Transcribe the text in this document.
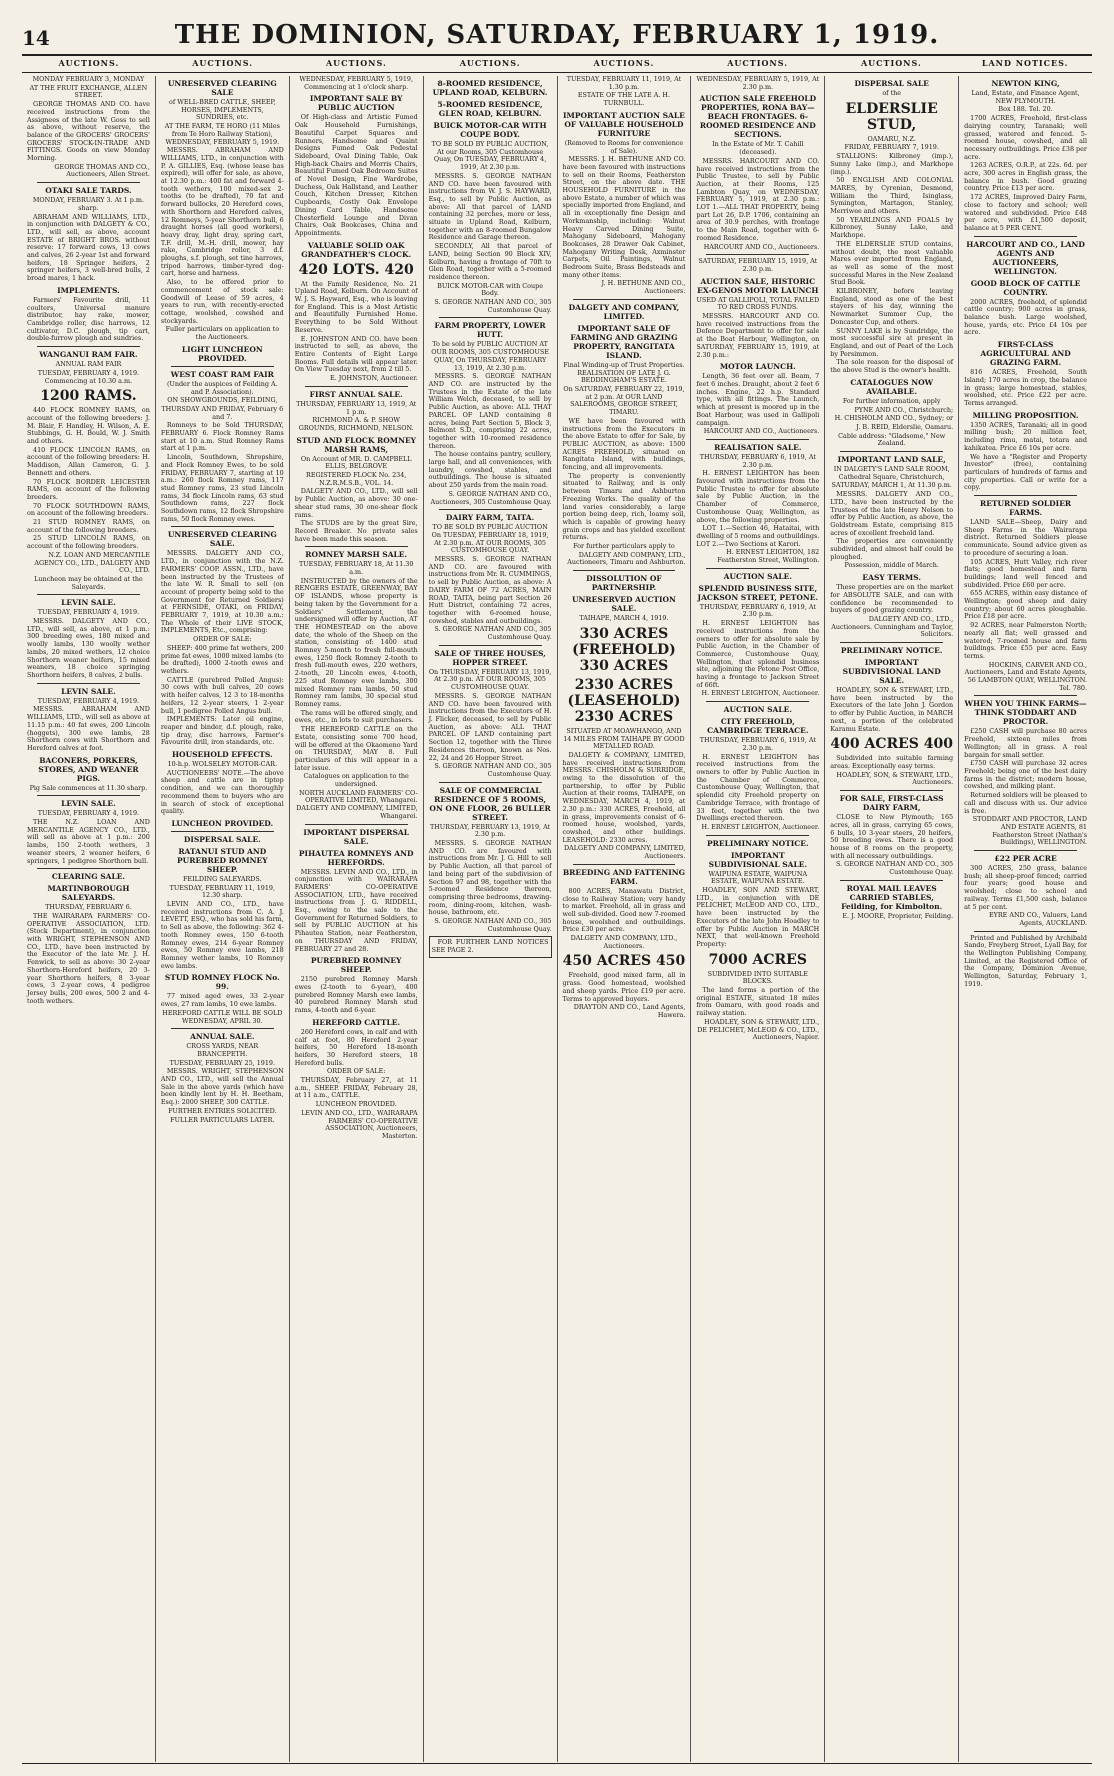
14	THE DOMINION, SATURDAY, FEBRUARY 1, 1919.
AUCTIONS.	AUCTIONS.	AUCTIONS.	AUCTIONS.	AUCTIONS.	AUCTIONS.	AUCTIONS.	LAND NOTICES.

MONDAY FEBRUARY 3, MONDAY

AT THE FRUIT EXCHANGE, ALLEN STREET.

GEORGE THOMAS AND CO. have received instructions from the Assignees of the late W. Goss to sell as above, without reserve, the balance of the GROCERS' GROCERS' GROCERS' STOCK-IN-TRADE AND FITTINGS. Goods on view Monday Morning.

GEORGE THOMAS AND CO., Auctioneers, Allen Street.

OTAKI SALE TARDS.

MONDAY, FEBRUARY 3. At 1 p.m. sharp.

ABRAHAM AND WILLIAMS, LTD., in conjunction with DALGETY & CO., LTD., will sell, as above, account ESTATE of BRIGHT BROS. without reserve: 17 forward cows, 13 cows and calves, 26 2-year 1st and forward heifers, 18 Springer heifers, 2 springer heifers, 3 well-bred bulls, 2 broad mares, 1 hack.

IMPLEMENTS.

Farmers' Favourite drill, 11 coulters, Universal manure distributor, hay rake, mower, Cambridge roller, disc harrows, 12 cultivator, D.C. plough, tip cart, double-furrow plough and sundries.

WANGANUI RAM FAIR.

ANNUAL RAM FAIR

TUESDAY, FEBRUARY 4, 1919. Commencing at 10.30 a.m.

1200 RAMS.

440 FLOCK ROMNEY RAMS, on account of the following breeders: J. M. Blair, F. Handley, H. Wilson, A. E. Stubbings, G. H. Bould, W. J. Smith and others.

410 FLOCK LINCOLN RAMS, on account of the following breeders: H. Maddison, Allan Cameron, G. J. Bennett and others.

70 FLOCK BORDER LEICESTER RAMS, on account of the following breeders.

70 FLOCK SOUTHDOWN RAMS, on account of the following breeders.

21 STUD ROMNEY RAMS, on account of the following breeders.

25 STUD LINCOLN RAMS, on account of the following breeders.

N.Z. LOAN AND MERCANTILE AGENCY CO., LTD., DALGETY AND CO., LTD.

Luncheon may be obtained at the Saleyards.

LEVIN SALE.

TUESDAY, FEBRUARY 4, 1919.

MESSRS. DALGETY AND CO., LTD., will sell, as above, at 1 p.m.: 300 breeding ewes, 180 mixed and woolly lambs, 130 woolly wether lambs, 20 mixed wethers, 12 choice Shorthorn weaner heifers, 15 mixed weaners, 18 choice springing Shorthorn heifers, 8 calves, 2 bulls.

LEVIN SALE.

TUESDAY, FEBRUARY 4, 1919.

MESSRS. ABRAHAM AND WILLIAMS, LTD., will sell as above at 11.15 p.m.: 40 fat ewes, 200 Lincoln (hoggets), 300 ewe lambs, 28 Shorthorn cows with Shorthorn and Hereford calves at foot.

BACONERS, PORKERS, STORES, AND WEANER PIGS.

Pig Sale commences at 11.30 sharp.

LEVIN SALE.

TUESDAY, FEBRUARY 4, 1919.

THE N.Z. LOAN AND MERCANTILE AGENCY CO., LTD., will sell as above at 1 p.m.: 200 lambs, 150 2-tooth wethers, 3 weaner steers, 2 weaner heifers, 6 springers, 1 pedigree Shorthorn bull.

CLEARING SALE.

MARTINBOROUGH SALEYARDS.

THURSDAY, FEBRUARY 6.

THE WAIRARAPA FARMERS' CO-OPERATIVE ASSOCIATION, LTD. (Stock Department), in conjunction with WRIGHT, STEPHENSON AND CO., LTD., have been instructed by the Executor of the late Mr. J. H. Fenwick, to sell as above: 30 2-year Shorthorn-Hereford heifers, 20 3-year Shorthorn heifers, 8 3-year cows, 3 2-year cows, 4 pedigree Jersey bulls, 200 ewes, 500 2 and 4-tooth wethers.

UNRESERVED CLEARING SALE

of WELL-BRED CATTLE, SHEEP, HORSES, IMPLEMENTS, SUNDRIES, etc.

AT THE FARM, TE HORO (11 Miles from Te Horo Railway Station), WEDNESDAY, FEBRUARY 5, 1919.

MESSRS. ABRAHAM AND WILLIAMS, LTD., in conjunction with P. A. GILLIES, Esq. (whose lease has expired), will offer for sale, as above, at 12.30 p.m.: 400 fat and forward 4-tooth wethers, 100 mixed-sex 2-tooths (to be drafted), 70 fat and forward bullocks, 20 Hereford cows, with Shorthorn and Hereford calves, 12 Romneys, 5-year Shorthorn bull, 6 draught horses (all good workers), heavy dray, light dray, spring cart, T.F. drill, M.-H. drill, mower, hay rake, Cambridge roller, 3 d.f. ploughs, s.f. plough, set tine harrows, tripod harrows, timber-tyred dog-cart, horse and harness.

Also, to be offered prior to commencement of stock sale: Goodwill of Lease of 59 acres, 4 years to run, with recently-erected cottage, woolshed, cowshed and stockyards.

Fuller particulars on application to the Auctioneers.

LIGHT LUNCHEON PROVIDED.

WEST COAST RAM FAIR

(Under the auspices of Feilding A. and P. Association).

ON SHOWGROUNDS, FEILDING,

THURSDAY AND FRIDAY, February 6 and 7.

Romneys to be Sold THURSDAY, FEBRUARY 6. Flock Romney Rams start at 10 a.m. Stud Romney Rams start at 1 p.m.

Lincoln, Southdown, Shropshire, and Flock Romney Ewes, to be sold FRIDAY, FEBRUARY 7, starting at 10 a.m.: 260 flock Romney rams, 117 stud Romney rams, 23 stud Lincoln rams, 34 flock Lincoln rams, 63 stud Southdown rams, 227 flock Southdown rams, 12 flock Shropshire rams, 50 flock Romney ewes.

UNRESERVED CLEARING SALE.

MESSRS. DALGETY AND CO., LTD., in conjunction with the N.Z. FARMERS' COOP. ASSN., LTD., have been instructed by the Trustees of the late W. R. Small to sell (on account of property being sold to the Government for Returned Soldiers) at FERNSIDE, OTAKI, on FRIDAY, FEBRUARY 7, 1919, at 10.30 a.m.: The Whole of their LIVE STOCK, IMPLEMENTS, Etc., comprising:

ORDER OF SALE:

SHEEP: 400 prime fat wethers, 200 prime fat ewes, 1000 mixed lambs (to be drafted), 1000 2-tooth ewes and wethers.

CATTLE (purebred Polled Angus): 30 cows with bull calves, 20 cows with heifer calves, 12 3 to 18-months heifers, 12 2-year steers, 1 2-year bull, 1 pedigree Polled Angus bull.

IMPLEMENTS: Later oil engine, reaper and binder, d.f. plough, rake, tip dray, disc harrows, Farmer's Favourite drill, iron standards, etc.

HOUSEHOLD EFFECTS.

10-h.p. WOLSELEY MOTOR-CAR.

AUCTIONEERS' NOTE.—The above sheep and cattle are in tiptop condition, and we can thoroughly recommend them to buyers who are in search of stock of exceptional quality.

LUNCHEON PROVIDED.

DISPERSAL SALE.

RATANUI STUD AND PUREBRED ROMNEY SHEEP.

FEILDING SALEYARDS.

TUESDAY, FEBRUARY 11, 1919, 12.30 sharp.

LEVIN AND CO., LTD., have received instructions from C. A. J. LEVETT, ESQ., who has sold his farm, to Sell as above, the following: 362 4-tooth Romney ewes, 150 6-tooth Romney ewes, 214 6-year Romney ewes, 50 Romney ewe lambs, 218 Romney wether lambs, 10 Romney ewe lambs.

STUD ROMNEY FLOCK No. 99.

77 mixed aged ewes, 33 2-year ewes, 27 ram lambs, 10 ewe lambs.

HEREFORD CATTLE WILL BE SOLD WEDNESDAY, APRIL 30.

ANNUAL SALE.

CROSS YARDS, NEAR BRANCEPETH.

TUESDAY, FEBRUARY 25, 1919.

MESSRS. WRIGHT, STEPHENSON AND CO., LTD., will sell the Annual Sale in the above yards (which have been kindly lent by H. H. Beetham, Esq.): 2000 SHEEP, 300 CATTLE.

FURTHER ENTRIES SOLICITED.

FULLER PARTICULARS LATER.

WEDNESDAY, FEBRUARY 5, 1919, Commencing at 1 o'clock sharp.

IMPORTANT SALE BY PUBLIC AUCTION

Of High-class and Artistic Fumed Oak Household Furnishings, Beautiful Carpet Squares and Runners, Handsome and Quaint Designs Fumed Oak Pedestal Sideboard, Oval Dining Table, Oak High-back Chairs and Morris Chairs, Beautiful Fumed Oak Bedroom Suites of Novel Design, Fine Wardrobe, Duchess, Oak Hallstand, and Leather Couch, Kitchen Dresser, Kitchen Cupboards, Costly Oak Envelope Dining Card Table, Handsome Chesterfield Lounge and Divan Chairs, Oak Bookcases, China and Appointments.

VALUABLE SOLID OAK GRANDFATHER'S CLOCK.

420 LOTS. 420

At the Family Residence, No. 21 Upland Road, Kelburn. On Account of W. J. S. Hayward, Esq., who is leaving for England. This is a Most Artistic and Beautifully Furnished Home. Everything to be Sold Without Reserve.

E. JOHNSTON AND CO. have been instructed to sell, as above, the Entire Contents of Eight Large Rooms. Full details will appear later. On View Tuesday next, from 2 till 5.

E. JOHNSTON, Auctioneer.

FIRST ANNUAL SALE.

THURSDAY, FEBRUARY 13, 1919, At 1 p.m.

RICHMOND A. & P. SHOW GROUNDS, RICHMOND, NELSON.

STUD AND FLOCK ROMNEY MARSH RAMS,

On Account of MR. D. CAMPBELL ELLIS, BELGROVE

REGISTERED FLOCK No. 234, N.Z.R.M.S.B., VOL. 14.

DALGETY AND CO., LTD., will sell by Public Auction, as above: 30 one-shear stud rams, 30 one-shear flock rams.

The STUDS are by the great Sire, Record Breaker. No private sales have been made this season.

ROMNEY MARSH SALE.

TUESDAY, FEBRUARY 18, At 11.30 a.m.

INSTRUCTED by the owners of the RENGERS ESTATE, GREENWAY, BAY OF ISLANDS, whose property is being taken by the Government for a Soldiers' Settlement, the undersigned will offer by Auction, AT THE HOMESTEAD on the above date, the whole of the Sheep on the station, consisting of: 1400 stud Romney 5-month to fresh full-mouth ewes, 1250 flock Romney 2-tooth to fresh full-mouth ewes, 220 wethers, 2-tooth, 20 Lincoln ewes, 4-tooth, 225 stud Romney ewe lambs, 300 mixed Romney ram lambs, 50 stud Romney ram lambs, 30 special stud Romney rams.

The rams will be offered singly, and ewes, etc., in lots to suit purchasers.

THE HEREFORD CATTLE on the Estate, consisting some 700 head, will be offered at the Okaomeno Yard on THURSDAY, MAY 8. Full particulars of this will appear in a later issue.

Catalogues on application to the undersigned.

NORTH AUCKLAND FARMERS' CO-OPERATIVE LIMITED, Whangarei. DALGETY AND COMPANY, LIMITED, Whangarei.

IMPORTANT DISPERSAL SALE.

PIHAUTEA ROMNEYS AND HEREFORDS.

MESSRS. LEVIN AND CO., LTD., in conjunction with WAIRARAPA FARMERS' CO-OPERATIVE ASSOCIATION, LTD., have received instructions from J. G. RIDDELL, Esq., owing to the sale to the Government for Returned Soldiers, to sell by PUBLIC AUCTION at his Pihautea Station, near Featherston, on THURSDAY AND FRIDAY, FEBRUARY 27 and 28.

PUREBRED ROMNEY SHEEP.

2150 purebred Romney Marsh ewes (2-tooth to 6-year), 400 purebred Romney Marsh ewe lambs, 40 purebred Romney Marsh stud rams, 4-tooth and 6-year.

HEREFORD CATTLE.

260 Hereford cows, in calf and with calf at foot, 80 Hereford 2-year heifers, 50 Hereford 18-month heifers, 30 Hereford steers, 18 Hereford bulls.

ORDER OF SALE:

THURSDAY, February 27, at 11 a.m., SHEEP. FRIDAY, February 28, at 11 a.m., CATTLE.

LUNCHEON PROVIDED.

LEVIN AND CO., LTD., WAIRARAPA FARMERS' CO-OPERATIVE ASSOCIATION, Auctioneers, Masterton.

8-ROOMED RESIDENCE, UPLAND ROAD, KELBURN.

5-ROOMED RESIDENCE, GLEN ROAD, KELBURN.

BUICK MOTOR-CAR WITH COUPE BODY.

TO BE SOLD BY PUBLIC AUCTION, At our Rooms, 305 Customhouse Quay, On TUESDAY, FEBRUARY 4, 1919, At 2.30 p.m.

MESSRS. S. GEORGE NATHAN AND CO. have been favoured with instructions from W. J. S. HAYWARD, Esq., to sell by Public Auction, as above: All that parcel of LAND containing 32 perches, more or less, situate in Upland Road, Kelburn, together with an 8-roomed Bungalow Residence and Garage thereon.

SECONDLY, All that parcel of LAND, being Section 90 Block XIV, Kelburn, having a frontage of 70ft to Glen Road, together with a 5-roomed residence thereon.

BUICK MOTOR-CAR with Coupe Body.

S. GEORGE NATHAN AND CO., 305 Customhouse Quay.

FARM PROPERTY, LOWER HUTT.

To be sold by PUBLIC AUCTION AT OUR ROOMS, 305 CUSTOMHOUSE QUAY, On THURSDAY, FEBRUARY 13, 1919, At 2.30 p.m.

MESSRS. S. GEORGE NATHAN AND CO. are instructed by the Trustees in the Estate of the late William Welch, deceased, to sell by Public Auction, as above: ALL THAT PARCEL OF LAND containing 8 acres, being Part Section 5, Block 3, Belmont S.D., comprising 22 acres, together with 10-roomed residence thereon.

The house contains pantry, scullery, large hall, and all conveniences, with laundry, cowshed, stables, and outbuildings. The house is situated about 250 yards from the main road.

S. GEORGE NATHAN AND CO., Auctioneers, 305 Customhouse Quay.

DAIRY FARM, TAITA.

TO BE SOLD BY PUBLIC AUCTION On TUESDAY, FEBRUARY 18, 1919, At 2.30 p.m. AT OUR ROOMS, 305 CUSTOMHOUSE QUAY.

MESSRS. S. GEORGE NATHAN AND CO. are favoured with instructions from Mr. R. CUMMINGS, to sell by Public Auction, as above: A DAIRY FARM OF 72 ACRES, MAIN ROAD, TAITA, being part Section 26 Hutt District, containing 72 acres, together with 6-roomed house, cowshed, stables and outbuildings.

S. GEORGE NATHAN AND CO., 305 Customhouse Quay.

SALE OF THREE HOUSES, HOPPER STREET.

On THURSDAY, FEBRUARY 13, 1919, At 2.30 p.m. AT OUR ROOMS, 305 CUSTOMHOUSE QUAY.

MESSRS. S. GEORGE NATHAN AND CO. have been favoured with instructions from the Executors of H. J. Flicker, deceased, to sell by Public Auction, as above: ALL THAT PARCEL OF LAND containing part Section 12, together with the Three Residences thereon, known as Nos. 22, 24 and 26 Hopper Street.

S. GEORGE NATHAN AND CO., 305 Customhouse Quay.

SALE OF COMMERCIAL RESIDENCE OF 5 ROOMS, ON ONE FLOOR, 26 BULLER STREET.

THURSDAY, FEBRUARY 13, 1919, At 2.30 p.m.

MESSRS. S. GEORGE NATHAN AND CO. are favoured with instructions from Mr. J. G. Hill to sell by Public Auction, all that parcel of land being part of the subdivision of Section 97 and 98, together with the 5-roomed Residence thereon, comprising three bedrooms, drawing-room, dining-room, kitchen, wash-house, bathroom, etc.

S. GEORGE NATHAN AND CO., 305 Customhouse Quay.

FOR FURTHER LAND NOTICES SEE PAGE 2.

TUESDAY, FEBRUARY 11, 1919, At 1.30 p.m.

ESTATE OF THE LATE A. H. TURNBULL.

IMPORTANT AUCTION SALE OF VALUABLE HOUSEHOLD FURNITURE

(Removed to Rooms for convenience of Sale).

MESSRS. J. H. BETHUNE AND CO. have been favoured with instructions to sell on their Rooms, Featherston Street, on the above date. THE HOUSEHOLD FURNITURE in the above Estate, a number of which was specially imported from England, and all in exceptionally fine Design and Workmanship, including: Walnut Heavy Carved Dining Suite, Mahogany Sideboard, Mahogany Bookcases, 28 Drawer Oak Cabinet, Mahogany Writing Desk, Axminster Carpets, Oil Paintings, Walnut Bedroom Suite, Brass Bedsteads and many other items.

J. H. BETHUNE AND CO., Auctioneers.

DALGETY AND COMPANY, LIMITED.

IMPORTANT SALE OF FARMING AND GRAZING PROPERTY, RANGITATA ISLAND.

Final Winding-up of Trust Properties. REALISATION OF LATE J. G. BEDDINGHAM'S ESTATE.

On SATURDAY, FEBRUARY 22, 1919, at 2 p.m. At OUR LAND SALEROOMS, GEORGE STREET, TIMARU.

WE have been favoured with instructions from the Executors in the above Estate to offer for Sale, by PUBLIC AUCTION, as above: 1500 ACRES FREEHOLD, situated on Rangitata Island, with buildings, fencing, and all improvements.

The property is conveniently situated to Railway, and is only between Timaru and Ashburton Freezing Works. The quality of the land varies considerably, a large portion being deep, rich, loamy soil, which is capable of growing heavy grain crops and has yielded excellent returns.

For further particulars apply to

DALGETY AND COMPANY, LTD., Auctioneers, Timaru and Ashburton.

DISSOLUTION OF PARTNERSHIP.

UNRESERVED AUCTION SALE.

TAIHAPE, MARCH 4, 1919.

330 ACRES (FREEHOLD) 330 ACRES

2330 ACRES (LEASEHOLD) 2330 ACRES

SITUATED AT MOAWHANGO, AND 14 MILES FROM TAIHAPE BY GOOD METALLED ROAD.

DALGETY & COMPANY, LIMITED, have received instructions from MESSRS. CHISHOLM & SURRIDGE, owing to the dissolution of the partnership, to offer by Public Auction at their rooms, TAIHAPE, on WEDNESDAY, MARCH 4, 1919, at 2.30 p.m.: 330 ACRES, Freehold, all in grass, improvements consist of 6-roomed house, woolshed, yards, cowshed, and other buildings. LEASEHOLD: 2330 acres.

DALGETY AND COMPANY, LIMITED, Auctioneers.

BREEDING AND FATTENING FARM.

800 ACRES, Manawatu District, close to Railway Station; very handy to market. Freehold, all in grass and well sub-divided. Good new 7-roomed house, woolshed and outbuildings. Price £30 per acre.

DALGETY AND COMPANY, LTD., Auctioneers.

450 ACRES 450

Freehold, good mixed farm, all in grass. Good homestead, woolshed and sheep yards. Price £19 per acre. Terms to approved buyers.

DRAYTON AND CO., Land Agents, Hawera.

WEDNESDAY, FEBRUARY 5, 1919, At 2.30 p.m.

AUCTION SALE FREEHOLD PROPERTIES, RONA BAY—BEACH FRONTAGES. 6-ROOMED RESIDENCE AND SECTIONS.

In the Estate of Mr. T. Cahill (deceased).

MESSRS. HARCOURT AND CO. have received instructions from the Public Trustee, to sell by Public Auction, at their Rooms, 125 Lambton Quay, on WEDNESDAY, FEBRUARY 5, 1919, at 2.30 p.m.: LOT 1.—ALL THAT PROPERTY, being part Lot 26, D.P. 1706, containing an area of 30.9 perches, with frontage to the Main Road, together with 6-roomed Residence.

HARCOURT AND CO., Auctioneers.

SATURDAY, FEBRUARY 15, 1919, At 2.30 p.m.

AUCTION SALE, HISTORIC EX-GENOS MOTOR LAUNCH

USED AT GALLIPOLI, TOTAL FAILED TO RED CROSS FUNDS.

MESSRS. HARCOURT AND CO. have received instructions from the Defence Department to offer for sale at the Boat Harbour, Wellington, on SATURDAY, FEBRUARY 15, 1919, at 2.30 p.m.:

MOTOR LAUNCH.

Length, 36 feet over all. Beam, 7 feet 6 inches. Draught, about 2 feet 6 inches. Engine, 22 h.p. Standard type, with all fittings. The Launch, which at present is moored up in the Boat Harbour, was used in Gallipoli campaign.

HARCOURT AND CO., Auctioneers.

REALISATION SALE.

THURSDAY, FEBRUARY 6, 1919, At 2.30 p.m.

H. ERNEST LEIGHTON has been favoured with instructions from the Public Trustee to offer for absolute sale by Public Auction, in the Chamber of Commerce, Customhouse Quay, Wellington, as above, the following properties.

LOT 1.—Section 46, Hataitai, with dwelling of 5 rooms and outbuildings. LOT 2.—Two Sections at Karori.

H. ERNEST LEIGHTON, 182 Featherston Street, Wellington.

AUCTION SALE.

SPLENDID BUSINESS SITE, JACKSON STREET, PETONE.

THURSDAY, FEBRUARY 6, 1919, At 2.30 p.m.

H. ERNEST LEIGHTON has received instructions from the owners to offer for absolute sale by Public Auction, in the Chamber of Commerce, Customhouse Quay, Wellington, that splendid business site, adjoining the Petone Post Office, having a frontage to Jackson Street of 66ft.

H. ERNEST LEIGHTON, Auctioneer.

AUCTION SALE.

CITY FREEHOLD, CAMBRIDGE TERRACE.

THURSDAY, FEBRUARY 6, 1919, At 2.30 p.m.

H. ERNEST LEIGHTON has received instructions from the owners to offer by Public Auction in the Chamber of Commerce, Customhouse Quay, Wellington, that splendid city Freehold property on Cambridge Terrace, with frontage of 33 feet, together with the two Dwellings erected thereon.

H. ERNEST LEIGHTON, Auctioneer.

PRELIMINARY NOTICE.

IMPORTANT SUBDIVISIONAL SALE.

WAIPUNA ESTATE, WAIPUNA ESTATE, WAIPUNA ESTATE.

HOADLEY, SON AND STEWART, LTD., in conjunction with DE PELICHET, McLEOD AND CO., LTD., have been instructed by the Executors of the late John Hoadley to offer by Public Auction in MARCH NEXT, that well-known Freehold Property:

7000 ACRES

SUBDIVIDED INTO SUITABLE BLOCKS.

The land forms a portion of the original ESTATE, situated 18 miles from Oamaru, with good roads and railway station.

HOADLEY, SON & STEWART, LTD., DE PELICHET, McLEOD & CO., LTD., Auctioneers, Napier.

DISPERSAL SALE

of the

ELDERSLIE STUD,

OAMARU, N.Z.

FRIDAY, FEBRUARY 7, 1919.

STALLIONS: Kilbroney (imp.), Sunny Lake (imp.), and Markhope (imp.).

50 ENGLISH AND COLONIAL MARES, by Cyrenian, Desmond, William the Third, Isinglass, Symington, Martagon, Stanley, Merriwee and others.

50 YEARLINGS AND FOALS by Kilbroney, Sunny Lake, and Markhope.

THE ELDERSLIE STUD contains, without doubt, the most valuable Mares ever imported from England, as well as some of the most successful Mares in the New Zealand Stud Book.

KILBRONEY, before leaving England, stood as one of the best stayers of his day, winning the Newmarket Summer Cup, the Doncaster Cup, and others.

SUNNY LAKE is by Sundridge, the most successful sire at present in England, and out of Pearl of the Loch by Persimmon.

The sole reason for the disposal of the above Stud is the owner's health.

CATALOGUES NOW AVAILABLE.

For further information, apply

PYNE AND CO., Christchurch;

H. CHISHOLM AND CO., Sydney; or

J. B. REID, Elderslie, Oamaru.

Cable address: "Gladsome," New Zealand.

IMPORTANT LAND SALE,

IN DALGETY'S LAND SALE ROOM, Cathedral Square, Christchurch,

SATURDAY, MARCH 1, At 11.30 p.m.

MESSRS. DALGETY AND CO., LTD., have been instructed by the Trustees of the late Henry Nelson to offer by Public Auction, as above, the Goldstream Estate, comprising 815 acres of excellent freehold land.

The properties are conveniently subdivided, and almost half could be ploughed.

Possession, middle of March.

EASY TERMS.

These properties are on the market for ABSOLUTE SALE, and can with confidence be recommended to buyers of good grazing country.

DALGETY AND CO., LTD., Auctioneers. Cunningham and Taylor, Solicitors.

PRELIMINARY NOTICE.

IMPORTANT SUBDIVISIONAL LAND SALE.

HOADLEY, SON & STEWART, LTD., have been instructed by the Executors of the late John J. Gordon to offer by Public Auction, in MARCH next, a portion of the celebrated Karamu Estate.

400 ACRES 400

Subdivided into suitable farming areas. Exceptionally easy terms.

HOADLEY, SON, & STEWART, LTD., Auctioneers.

FOR SALE, FIRST-CLASS DAIRY FARM,

CLOSE to New Plymouth; 165 acres, all in grass, carrying 65 cows, 6 bulls, 10 3-year steers, 20 heifers, 50 breeding ewes. There is a good house of 8 rooms on the property, with all necessary outbuildings.

S. GEORGE NATHAN AND CO., 305 Customhouse Quay.

ROYAL MAIL LEAVES CARRIED STABLES, Feilding, for Kimbolton.

E. J. MOORE, Proprietor, Feilding.

NEWTON KING,

Land, Estate, and Finance Agent, NEW PLYMOUTH.

Box 188. Tel. 20.

1700 ACRES, Freehold, first-class dairying country, Taranaki; well grassed, watered and fenced. 5-roomed house, cowshed, and all necessary outbuildings. Price £38 per acre.

1263 ACRES, O.R.P., at 22s. 6d. per acre, 300 acres in English grass, the balance in bush. Good grazing country. Price £13 per acre.

172 ACRES, Improved Dairy Farm, close to factory and school; well watered and subdivided. Price £48 per acre, with £1,500 deposit, balance at 5 PER CENT.

HARCOURT AND CO., LAND AGENTS AND AUCTIONEERS, WELLINGTON.

GOOD BLOCK OF CATTLE COUNTRY.

2000 ACRES, freehold, of splendid cattle country; 900 acres in grass, balance bush. Large woolshed, house, yards, etc. Price £4 10s per acre.

FIRST-CLASS AGRICULTURAL AND GRAZING FARM.

816 ACRES, Freehold, South Island; 170 acres in crop, the balance in grass; large homestead, stables, woolshed, etc. Price £22 per acre. Terms arranged.

MILLING PROPOSITION.

1350 ACRES, Taranaki; all in good milling bush; 20 million feet, including rimu, matai, totara and kahikatea. Price £6 10s per acre.

We have a "Register and Property Investor" (free), containing particulars of hundreds of farms and city properties. Call or write for a copy.

RETURNED SOLDIER FARMS.

LAND SALE—Sheep, Dairy and Sheep Farms in the Wairarapa district. Returned Soldiers please communicate. Sound advice given as to procedure of securing a loan.

105 ACRES, Hutt Valley, rich river flats; good homestead and farm buildings; land well fenced and subdivided. Price £60 per acre.

655 ACRES, within easy distance of Wellington; good sheep and dairy country; about 60 acres ploughable. Price £18 per acre.

92 ACRES, near Palmerston North; nearly all flat; well grassed and watered; 7-roomed house and farm buildings. Price £55 per acre. Easy terms.

HOCKINS, CARVER AND CO., Auctioneers, Land and Estate Agents, 56 LAMBTON QUAY, WELLINGTON. Tel. 780.

WHEN YOU THINK FARMS—THINK STODDART AND PROCTOR.

£250 CASH will purchase 80 acres Freehold, sixteen miles from Wellington; all in grass. A real bargain for small settler.

£750 CASH will purchase 32 acres Freehold; being one of the best dairy farms in the district; modern house, cowshed, and milking plant.

Returned soldiers will be pleased to call and discuss with us. Our advice is free.

STODDART AND PROCTOR, LAND AND ESTATE AGENTS, 81 Featherston Street (Nathan's Buildings), WELLINGTON.

£22 PER ACRE

300 ACRES, 250 grass, balance bush; all sheep-proof fenced; carried four years; good house and woolshed; close to school and railway. Terms £1,500 cash, balance at 5 per cent.

EYRE AND CO., Valuers, Land Agents, AUCKLAND.

Printed and Published by Archibald Sando, Freyberg Street, Lyall Bay, for the Wellington Publishing Company, Limited, at the Registered Office of the Company, Dominion Avenue, Wellington, Saturday, February 1, 1919.
